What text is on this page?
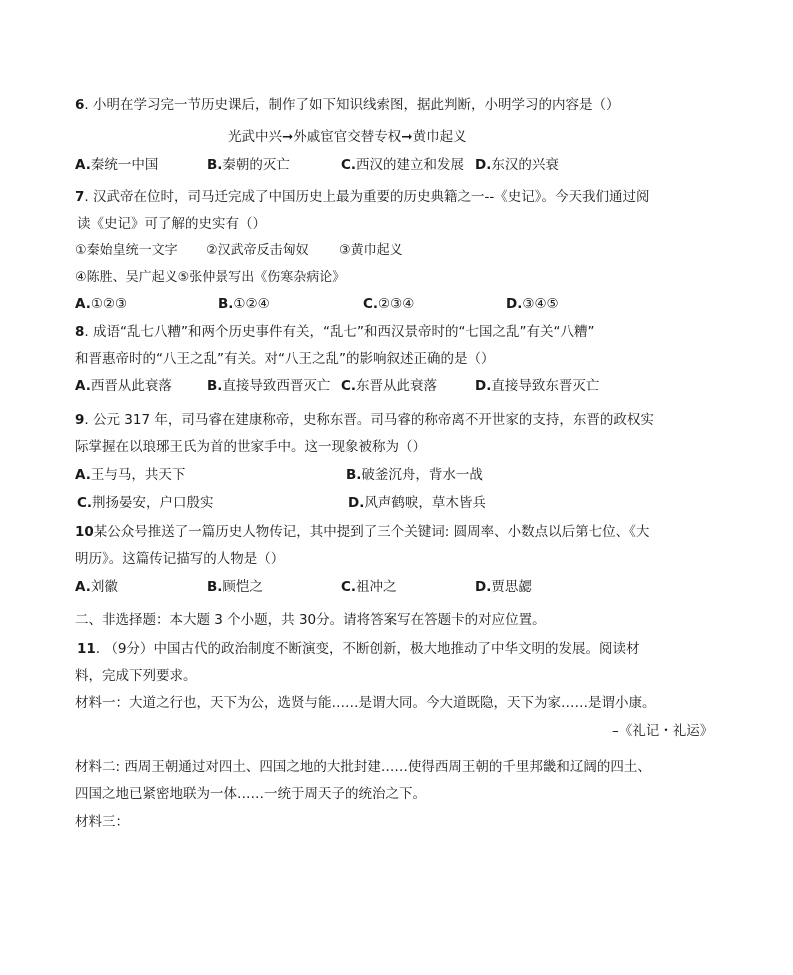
6. 小明在学习完一节历史课后，制作了如下知识线索图，据此判断，小明学习的内容是（）
光武中兴➞外戚宦官交替专权➞黄巾起义
A.秦统一中国	B.秦朝的灭亡	C.西汉的建立和发展 D.东汉的兴衰
7. 汉武帝在位时，司马迁完成了中国历史上最为重要的历史典籍之一--《史记》。今天我们通过阅
读《史记》可了解的史实有（）
①秦始皇统一文字 ②汉武帝反击匈奴 ③黄巾起义
④陈胜、吴广起义⑤张仲景写出《伤寒杂病论》
A.①②③	B.①②④	C.②③④	D.③④⑤
8. 成语“乱七八糟”和两个历史事件有关，“乱七”和西汉景帝时的“七国之乱”有关“八糟”
和晋惠帝时的“八王之乱”有关。对“八王之乱”的影响叙述正确的是（）
A.西晋从此衰落	B.直接导致西晋灭亡 C.东晋从此衰落	D.直接导致东晋灭亡
9. 公元 317 年，司马睿在建康称帝，史称东晋。司马睿的称帝离不开世家的支持，东晋的政权实
际掌握在以琅琊王氏为首的世家手中。这一现象被称为（）
A.王与马，共天下	B.破釜沉舟，背水一战
C.荆扬晏安，户口殷实	D.风声鹤唳，草木皆兵
10某公众号推送了一篇历史人物传记，其中提到了三个关键词: 圆周率、小数点以后第七位、《大
明历》。这篇传记描写的人物是（）
A.刘徽	B.顾恺之	C.祖冲之	D.贾思勰
二、非选择题：本大题 3 个小题，共 30分。请将答案写在答题卡的对应位置。
11. （9分）中国古代的政治制度不断演变，不断创新，极大地推动了中华文明的发展。阅读材
料，完成下列要求。
材料一：大道之行也，天下为公，选贤与能……是谓大同。今大道既隐，天下为家……是谓小康。
–《礼记・礼运》
材料二: 西周王朝通过对四土、四国之地的大批封建……使得西周王朝的千里邦畿和辽阔的四土、
四国之地已紧密地联为一体……一统于周天子的统治之下。
材料三：
